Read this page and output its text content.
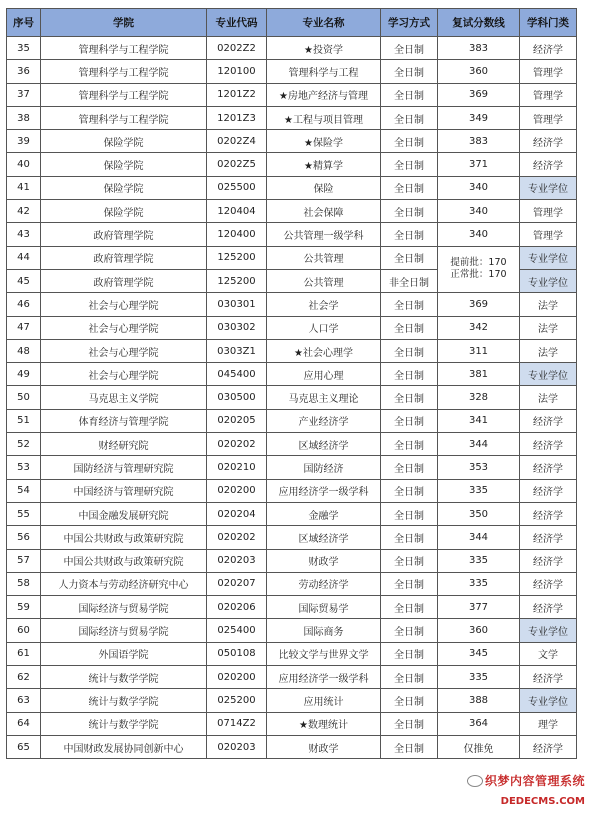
序号	学院	专业代码	专业名称	学习方式	复试分数线	学科门类
35	管理科学与工程学院	0202Z2	★投资学	全日制	383	经济学
36	管理科学与工程学院	120100	管理科学与工程	全日制	360	管理学
37	管理科学与工程学院	1201Z2	★房地产经济与管理	全日制	369	管理学
38	管理科学与工程学院	1201Z3	★工程与项目管理	全日制	349	管理学
39	保险学院	0202Z4	★保险学	全日制	383	经济学
40	保险学院	0202Z5	★精算学	全日制	371	经济学
41	保险学院	025500	保险	全日制	340	专业学位
42	保险学院	120404	社会保障	全日制	340	管理学
43	政府管理学院	120400	公共管理一级学科	全日制	340	管理学
44	政府管理学院	125200	公共管理	全日制	提前批：170
正常批：170	专业学位
45	政府管理学院	125200	公共管理	非全日制		专业学位
46	社会与心理学院	030301	社会学	全日制	369	法学
47	社会与心理学院	030302	人口学	全日制	342	法学
48	社会与心理学院	0303Z1	★社会心理学	全日制	311	法学
49	社会与心理学院	045400	应用心理	全日制	381	专业学位
50	马克思主义学院	030500	马克思主义理论	全日制	328	法学
51	体育经济与管理学院	020205	产业经济学	全日制	341	经济学
52	财经研究院	020202	区域经济学	全日制	344	经济学
53	国防经济与管理研究院	020210	国防经济	全日制	353	经济学
54	中国经济与管理研究院	020200	应用经济学一级学科	全日制	335	经济学
55	中国金融发展研究院	020204	金融学	全日制	350	经济学
56	中国公共财政与政策研究院	020202	区域经济学	全日制	344	经济学
57	中国公共财政与政策研究院	020203	财政学	全日制	335	经济学
58	人力资本与劳动经济研究中心	020207	劳动经济学	全日制	335	经济学
59	国际经济与贸易学院	020206	国际贸易学	全日制	377	经济学
60	国际经济与贸易学院	025400	国际商务	全日制	360	专业学位
61	外国语学院	050108	比较文学与世界文学	全日制	345	文学
62	统计与数学学院	020200	应用经济学一级学科	全日制	335	经济学
63	统计与数学学院	025200	应用统计	全日制	388	专业学位
64	统计与数学学院	0714Z2	★数理统计	全日制	364	理学
65	中国财政发展协同创新中心	020203	财政学	全日制	仅推免	经济学
织梦内容管理系统
DEDECMS.COM
